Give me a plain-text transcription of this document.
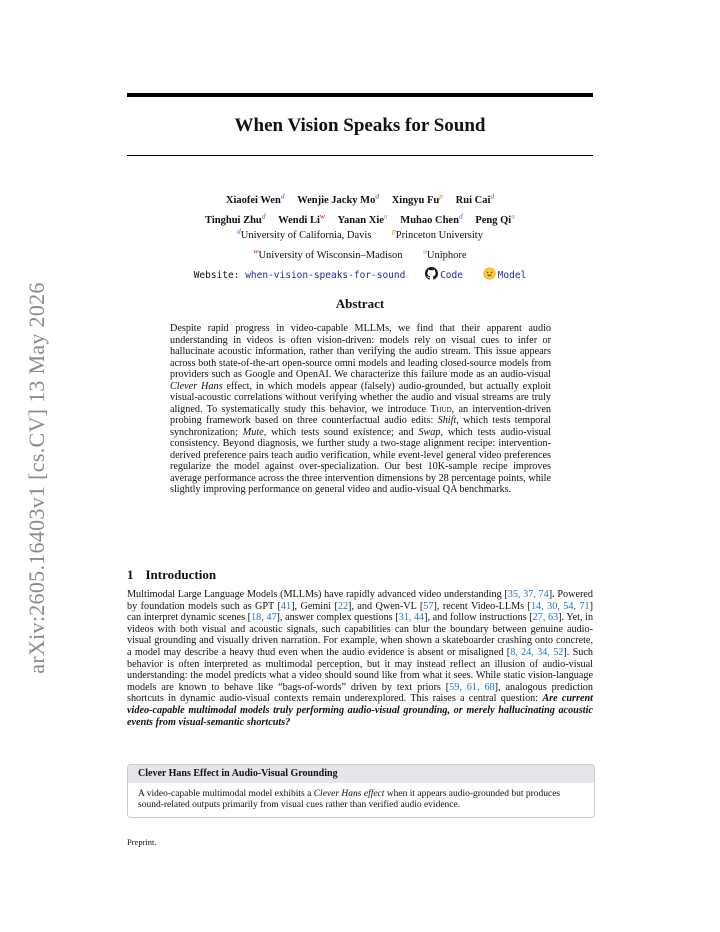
arXiv:2605.16403v1 [cs.CV] 13 May 2026
When Vision Speaks for Sound
Xiaofei Wen$^d$ Wenjie Jacky Mo$^d$ Xingyu Fu$^p$ Rui Cai$^d$
Tinghui Zhu$^d$ Wendi Li$^w$ Yanan Xie$^u$ Muhao Chen$^d$ Peng Qi$^u$
$^d$University of California, Davis	$^p$Princeton University
$^w$University of Wisconsin–Madison	$^u$Uniphore
Website: when-vision-speaks-for-sound	Code	Model
Abstract
Despite rapid progress in video-capable MLLMs, we find that their apparent audio understanding in videos is often vision-driven: models rely on visual cues to infer or hallucinate acoustic information, rather than verifying the audio stream. This issue appears across both state-of-the-art open-source omni models and leading closed-source models from providers such as Google and OpenAI. We characterize this failure mode as an audio-visual Clever Hans effect, in which models appear (falsely) audio-grounded, but actually exploit visual-acoustic correlations without verifying whether the audio and visual streams are truly aligned. To systematically study this behavior, we introduce Thud, an intervention-driven probing framework based on three counterfactual audio edits: Shift, which tests temporal synchronization; Mute, which tests sound existence; and Swap, which tests audio-visual consistency. Beyond diagnosis, we further study a two-stage alignment recipe: intervention-derived preference pairs teach audio verification, while event-level general video preferences regularize the model against over-specialization. Our best 10K-sample recipe improves average performance across the three intervention dimensions by 28 percentage points, while slightly improving performance on general video and audio-visual QA benchmarks.
1 Introduction
Multimodal Large Language Models (MLLMs) have rapidly advanced video understanding [35, 37, 74]. Powered by foundation models such as GPT [41], Gemini [22], and Qwen-VL [57], recent Video-LLMs [14, 30, 54, 71] can interpret dynamic scenes [18, 47], answer complex questions [31, 44], and follow instructions [27, 63]. Yet, in videos with both visual and acoustic signals, such capabilities can blur the boundary between genuine audio-visual grounding and visually driven narration. For example, when shown a skateboarder crashing onto concrete, a model may describe a heavy thud even when the audio evidence is absent or misaligned [8, 24, 34, 52]. Such behavior is often interpreted as multimodal perception, but it may instead reflect an illusion of audio-visual understanding: the model predicts what a video should sound like from what it sees. While static vision-language models are known to behave like “bags-of-words” driven by text priors [59, 61, 68], analogous prediction shortcuts in dynamic audio-visual contexts remain underexplored. This raises a central question: Are current video-capable multimodal models truly performing audio-visual grounding, or merely hallucinating acoustic events from visual-semantic shortcuts?
Clever Hans Effect in Audio-Visual Grounding
A video-capable multimodal model exhibits a Clever Hans effect when it appears audio-grounded but produces sound-related outputs primarily from visual cues rather than verified audio evidence.
Preprint.
